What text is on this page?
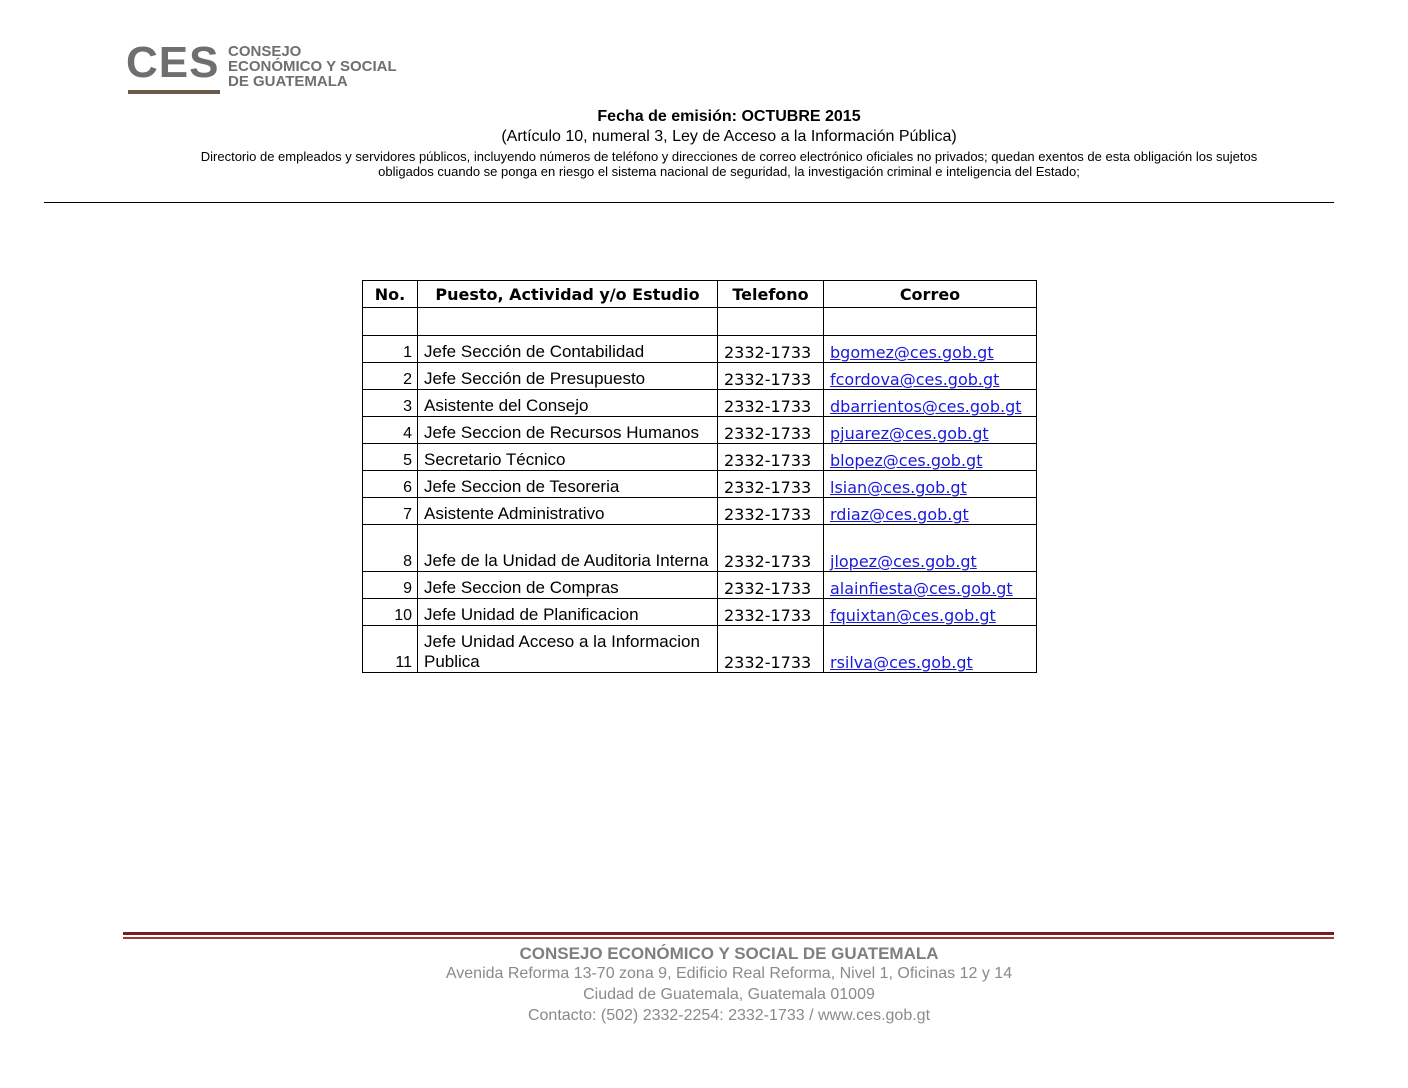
CES CONSEJO
ECONÓMICO Y SOCIAL
DE GUATEMALA
Fecha de emisión: OCTUBRE 2015
(Artículo 10, numeral 3, Ley de Acceso a la Información Pública)
Directorio de empleados y servidores públicos, incluyendo números de teléfono y direcciones de correo electrónico oficiales no privados; quedan exentos de esta obligación los sujetos
obligados cuando se ponga en riesgo el sistema nacional de seguridad, la investigación criminal e inteligencia del Estado;
No.	Puesto, Actividad y/o Estudio	Telefono	Correo

1	Jefe Sección de Contabilidad	2332-1733	bgomez@ces.gob.gt
2	Jefe Sección de Presupuesto	2332-1733	fcordova@ces.gob.gt
3	Asistente del Consejo	2332-1733	dbarrientos@ces.gob.gt
4	Jefe Seccion de Recursos Humanos	2332-1733	pjuarez@ces.gob.gt
5	Secretario Técnico	2332-1733	blopez@ces.gob.gt
6	Jefe Seccion de Tesoreria	2332-1733	lsian@ces.gob.gt
7	Asistente Administrativo	2332-1733	rdiaz@ces.gob.gt
8	Jefe de la Unidad de Auditoria Interna	2332-1733	jlopez@ces.gob.gt
9	Jefe Seccion de Compras	2332-1733	alainfiesta@ces.gob.gt
10	Jefe Unidad de Planificacion	2332-1733	fquixtan@ces.gob.gt
11	Jefe Unidad Acceso a la Informacion Publica	2332-1733	rsilva@ces.gob.gt
CONSEJO ECONÓMICO Y SOCIAL DE GUATEMALA
Avenida Reforma 13-70 zona 9, Edificio Real Reforma, Nivel 1, Oficinas 12 y 14
Ciudad de Guatemala, Guatemala 01009
Contacto: (502) 2332-2254: 2332-1733 / www.ces.gob.gt
